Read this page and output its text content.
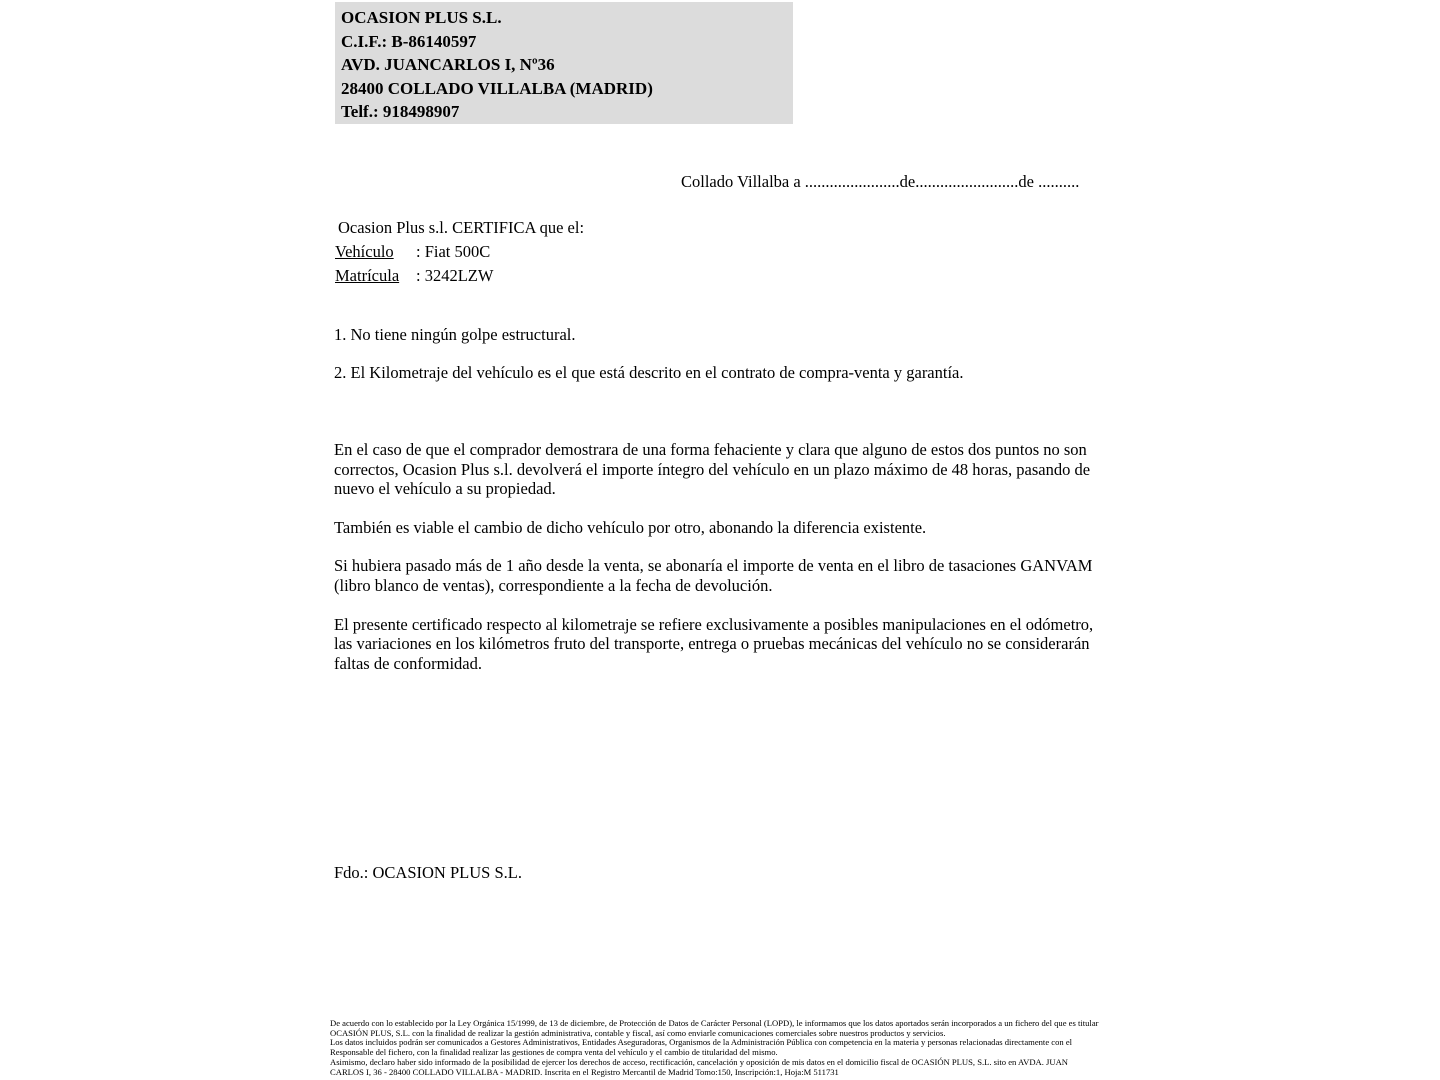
OCASION PLUS S.L.
C.I.F.: B-86140597
AVD. JUANCARLOS I, Nº36
28400 COLLADO VILLALBA (MADRID)
Telf.: 918498907
Collado Villalba a .......................de.........................de ..........
Ocasion Plus s.l. CERTIFICA que el:
Vehículo : Fiat 500C
Matrícula : 3242LZW
1. No tiene ningún golpe estructural.
2. El Kilometraje del vehículo es el que está descrito en el contrato de compra-venta y garantía.

En el caso de que el comprador demostrara de una forma fehaciente y clara que alguno de estos dos puntos no son correctos, Ocasion Plus s.l. devolverá el importe íntegro del vehículo en un plazo máximo de 48 horas, pasando de nuevo el vehículo a su propiedad.

También es viable el cambio de dicho vehículo por otro, abonando la diferencia existente.

Si hubiera pasado más de 1 año desde la venta, se abonaría el importe de venta en el libro de tasaciones GANVAM (libro blanco de ventas), correspondiente a la fecha de devolución.

El presente certificado respecto al kilometraje se refiere exclusivamente a posibles manipulaciones en el odómetro, las variaciones en los kilómetros fruto del transporte, entrega o pruebas mecánicas del vehículo no se considerarán faltas de conformidad.

Fdo.: OCASION PLUS S.L.
De acuerdo con lo establecido por la Ley Orgánica 15/1999, de 13 de diciembre, de Protección de Datos de Carácter Personal (LOPD), le informamos que los datos aportados serán incorporados a un fichero del que es titular
OCASIÓN PLUS, S.L. con la finalidad de realizar la gestión administrativa, contable y fiscal, así como enviarle comunicaciones comerciales sobre nuestros productos y servicios.
Los datos incluidos podrán ser comunicados a Gestores Administrativos, Entidades Aseguradoras, Organismos de la Administración Pública con competencia en la materia y personas relacionadas directamente con el
Responsable del fichero, con la finalidad realizar las gestiones de compra venta del vehículo y el cambio de titularidad del mismo.
Asimismo, declaro haber sido informado de la posibilidad de ejercer los derechos de acceso, rectificación, cancelación y oposición de mis datos en el domicilio fiscal de OCASIÓN PLUS, S.L. sito en AVDA. JUAN
CARLOS I, 36 - 28400 COLLADO VILLALBA - MADRID. Inscrita en el Registro Mercantil de Madrid Tomo:150, Inscripción:1, Hoja:M 511731
